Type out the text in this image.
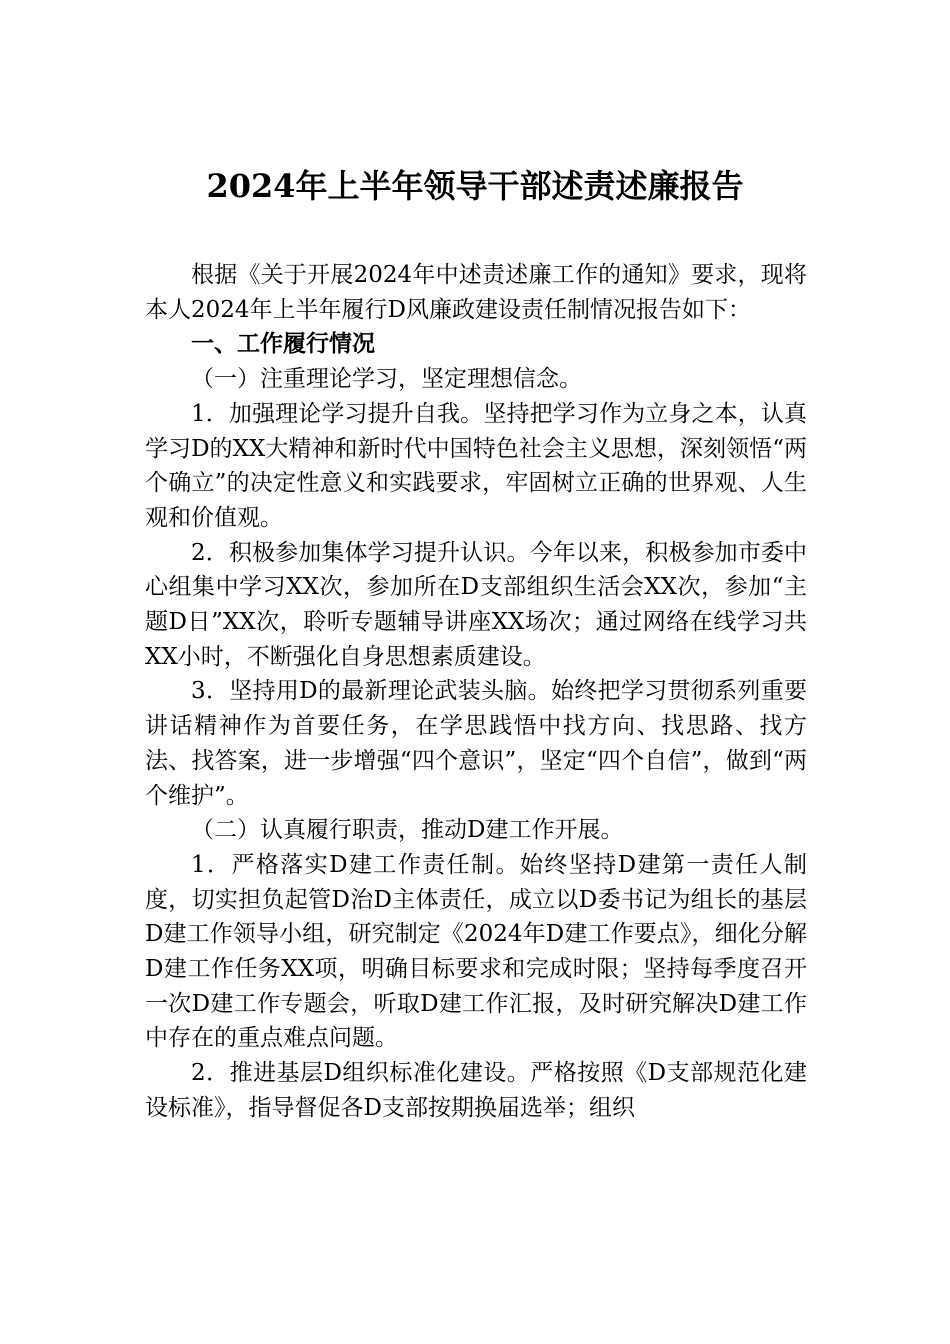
2024年上半年领导干部述责述廉报告

根据《关于开展2024年中述责述廉工作的通知》要求，现将本人2024年上半年履行D风廉政建设责任制情况报告如下：

一、工作履行情况

（一）注重理论学习，坚定理想信念。

1．加强理论学习提升自我。坚持把学习作为立身之本，认真学习D的XX大精神和新时代中国特色社会主义思想，深刻领悟“两个确立”的决定性意义和实践要求，牢固树立正确的世界观、人生观和价值观。

2．积极参加集体学习提升认识。今年以来，积极参加市委中心组集中学习XX次，参加所在D支部组织生活会XX次，参加“主题D日”XX次，聆听专题辅导讲座XX场次；通过网络在线学习共XX小时，不断强化自身思想素质建设。

3．坚持用D的最新理论武装头脑。始终把学习贯彻系列重要讲话精神作为首要任务，在学思践悟中找方向、找思路、找方法、找答案，进一步增强“四个意识”，坚定“四个自信”，做到“两个维护”。

（二）认真履行职责，推动D建工作开展。

1．严格落实D建工作责任制。始终坚持D建第一责任人制度，切实担负起管D治D主体责任，成立以D委书记为组长的基层D建工作领导小组，研究制定《2024年D建工作要点》，细化分解D建工作任务XX项，明确目标要求和完成时限；坚持每季度召开一次D建工作专题会，听取D建工作汇报，及时研究解决D建工作中存在的重点难点问题。

2．推进基层D组织标准化建设。严格按照《D支部规范化建设标准》，指导督促各D支部按期换届选举；组织
